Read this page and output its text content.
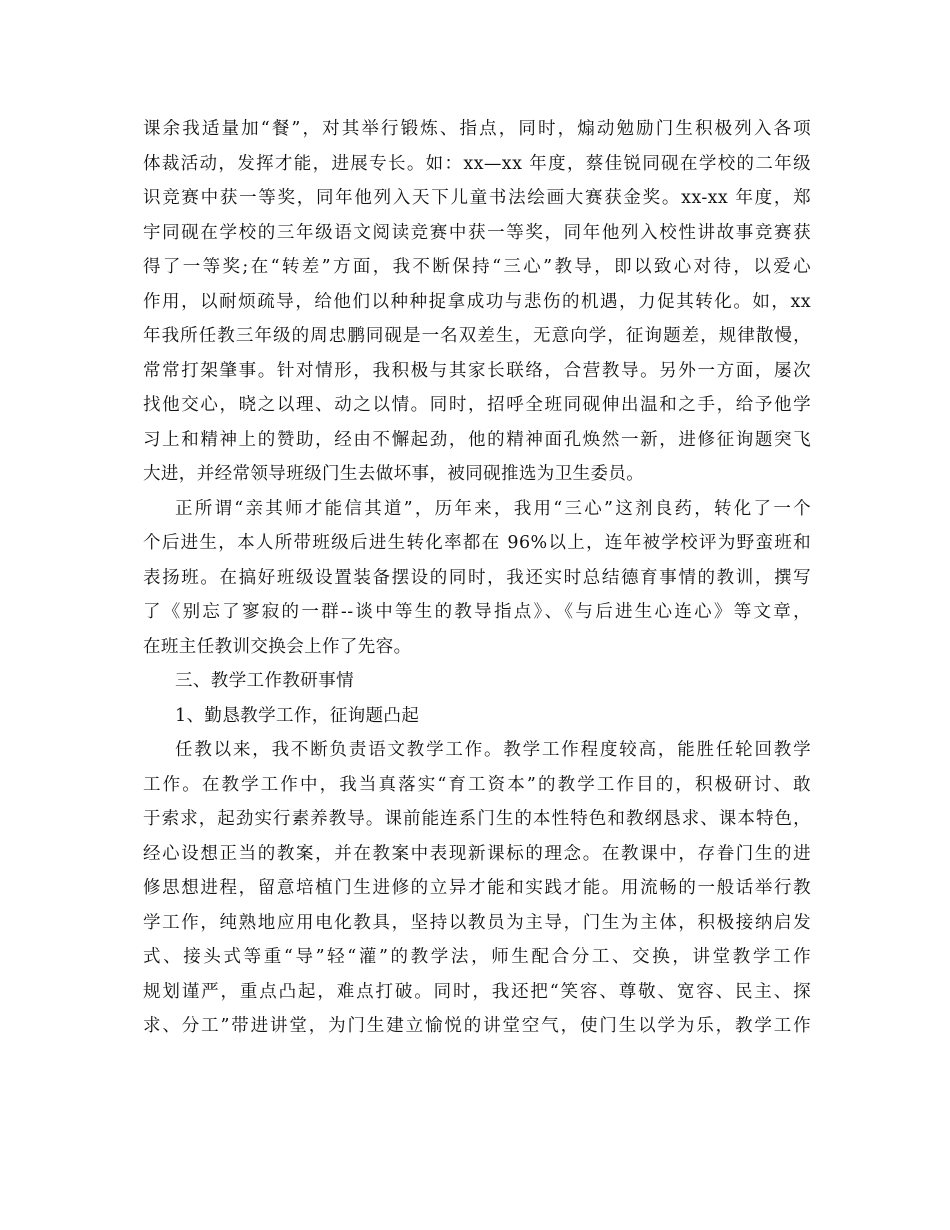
课余我适量加“餐”，对其举行锻炼、指点，同时，煽动勉励门生积极列入各项
体裁活动，发挥才能，进展专长。如：xx—xx 年度，蔡佳锐同砚在学校的二年级
识竞赛中获一等奖，同年他列入天下儿童书法绘画大赛获金奖。xx-xx 年度，郑
宇同砚在学校的三年级语文阅读竞赛中获一等奖，同年他列入校性讲故事竞赛获
得了一等奖;在“转差”方面，我不断保持“三心”教导，即以致心对待，以爱心
作用，以耐烦疏导，给他们以种种捉拿成功与悲伤的机遇，力促其转化。如，xx
年我所任教三年级的周忠鹏同砚是一名双差生，无意向学，征询题差，规律散慢，
常常打架肇事。针对情形，我积极与其家长联络，合营教导。另外一方面，屡次
找他交心，晓之以理、动之以情。同时，招呼全班同砚伸出温和之手，给予他学
习上和精神上的赞助，经由不懈起劲，他的精神面孔焕然一新，进修征询题突飞
大进，并经常领导班级门生去做坏事，被同砚推选为卫生委员。
正所谓“亲其师才能信其道”，历年来，我用“三心”这剂良药，转化了一个
个后进生，本人所带班级后进生转化率都在 96%以上，连年被学校评为野蛮班和
表扬班。在搞好班级设置装备摆设的同时，我还实时总结德育事情的教训，撰写
了《别忘了寥寂的一群--谈中等生的教导指点》、《与后进生心连心》等文章，
在班主任教训交换会上作了先容。
三、教学工作教研事情
1、勤恳教学工作，征询题凸起
任教以来，我不断负责语文教学工作。教学工作程度较高，能胜任轮回教学
工作。在教学工作中，我当真落实“育工资本”的教学工作目的，积极研讨、敢
于索求，起劲实行素养教导。课前能连系门生的本性特色和教纲恳求、课本特色，
经心设想正当的教案，并在教案中表现新课标的理念。在教课中，存眷门生的进
修思想进程，留意培植门生进修的立异才能和实践才能。用流畅的一般话举行教
学工作，纯熟地应用电化教具，坚持以教员为主导，门生为主体，积极接纳启发
式、接头式等重“导”轻“灌”的教学法，师生配合分工、交换，讲堂教学工作
规划谨严，重点凸起，难点打破。同时，我还把“笑容、尊敬、宽容、民主、探
求、分工”带进讲堂，为门生建立愉悦的讲堂空气，使门生以学为乐，教学工作
